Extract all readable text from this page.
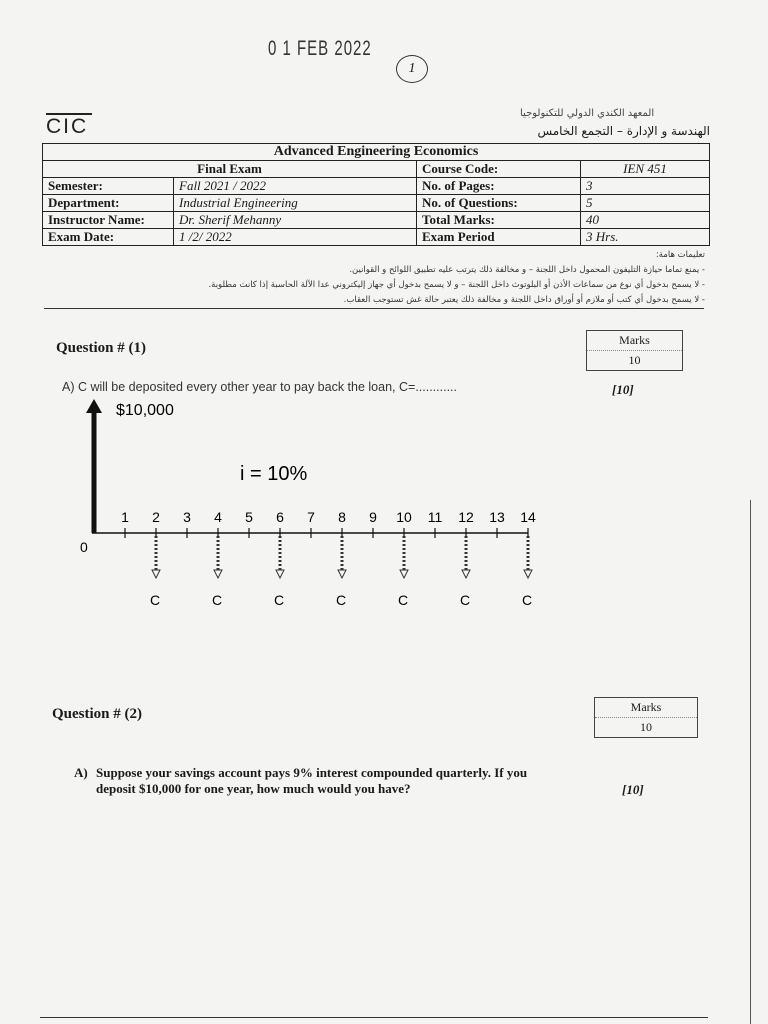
0 1 FEB 2022
1
CIC
المعهد الكندي الدولي للتكنولوجيا
الهندسة و الإدارة – التجمع الخامس
Advanced Engineering Economics			
Final Exam		Course Code:	IEN 451
Semester:	Fall 2021 / 2022	No. of Pages:	3
Department:	Industrial Engineering	No. of Questions:	5
Instructor Name:	Dr. Sherif Mehanny	Total Marks:	40
Exam Date:	1 /2/ 2022	Exam Period	3 Hrs.
تعليمات هامة:
- يمنع تماما حيازة التليفون المحمول داخل اللجنة – و مخالفة ذلك يترتب عليه تطبيق اللوائح و القوانين.
- لا يسمح بدخول أي نوع من سماعات الأذن أو البلوتوث داخل اللجنة – و لا يسمح بدخول أي جهاز إليكتروني عدا الآلة الحاسبة إذا كانت مطلوبة.
- لا يسمح بدخول أي كتب أو ملازم أو أوراق داخل اللجنة و مخالفة ذلك يعتبر حالة غش تستوجب العقاب.
Question # (1)	Marks
10
A) C will be deposited every other year to pay back the loan, C=............	[10]
$10,000
i = 10%
0
1 2 3 4 5 6 7 8 9 10 11 12 13 14
C	C	C	C	C	C	C
Question # (2)	Marks
10
A) Suppose your savings account pays 9% interest compounded quarterly. If you
deposit $10,000 for one year, how much would you have?	[10]
